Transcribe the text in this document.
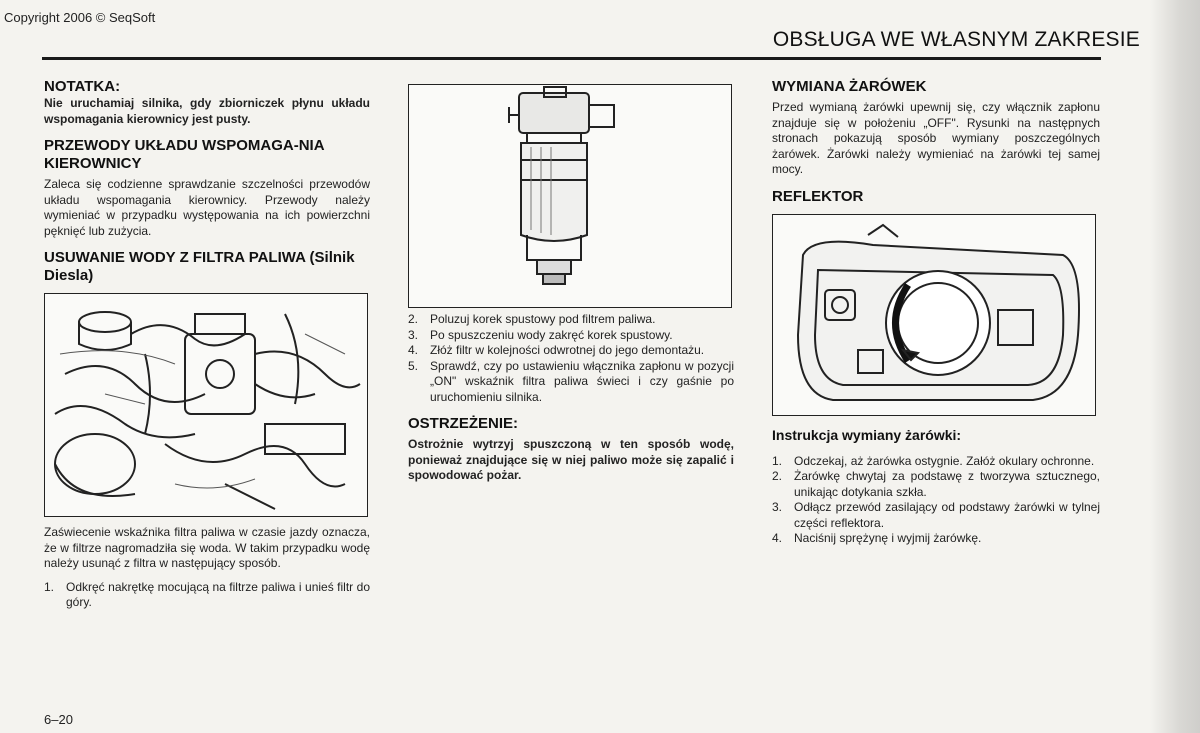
Copyright 2006 © SeqSoft
OBSŁUGA WE WŁASNYM ZAKRESIE
NOTATKA:

Nie uruchamiaj silnika, gdy zbiorniczek płynu układu wspomagania kierownicy jest pusty.

PRZEWODY UKŁADU WSPOMAGA-NIA KIEROWNICY

Zaleca się codzienne sprawdzanie szczelności przewodów układu wspomagania kierownicy. Przewody należy wymieniać w przypadku występowania na ich powierzchni pęknięć lub zużycia.

USUWANIE WODY Z FILTRA PALIWA (Silnik Diesla)

Zaświecenie wskaźnika filtra paliwa w czasie jazdy oznacza, że w filtrze nagromadziła się woda. W takim przypadku wodę należy usunąć z filtra w następujący sposób.

1. Odkręć nakrętkę mocującą na filtrze paliwa i unieś filtr do góry.
2. Poluzuj korek spustowy pod filtrem paliwa.
3. Po spuszczeniu wody zakręć korek spustowy.
4. Złóż filtr w kolejności odwrotnej do jego demontażu.
5. Sprawdź, czy po ustawieniu włącznika zapłonu w pozycji „ON" wskaźnik filtra paliwa świeci i czy gaśnie po uruchomieniu silnika.
OSTRZEŻENIE:

Ostrożnie wytrzyj spuszczoną w ten sposób wodę, ponieważ znajdujące się w niej paliwo może się zapalić i spowodować pożar.

WYMIANA ŻARÓWEK

Przed wymianą żarówki upewnij się, czy włącznik zapłonu znajduje się w położeniu „OFF". Rysunki na następnych stronach pokazują sposób wymiany poszczególnych żarówek. Żarówki należy wymieniać na żarówki tej samej mocy.

REFLEKTOR
Instrukcja wymiany żarówki:
1. Odczekaj, aż żarówka ostygnie. Załóż okulary ochronne.
2. Żarówkę chwytaj za podstawę z tworzywa sztucznego, unikając dotykania szkła.
3. Odłącz przewód zasilający od podstawy żarówki w tylnej części reflektora.
4. Naciśnij sprężynę i wyjmij żarówkę.
6–20
